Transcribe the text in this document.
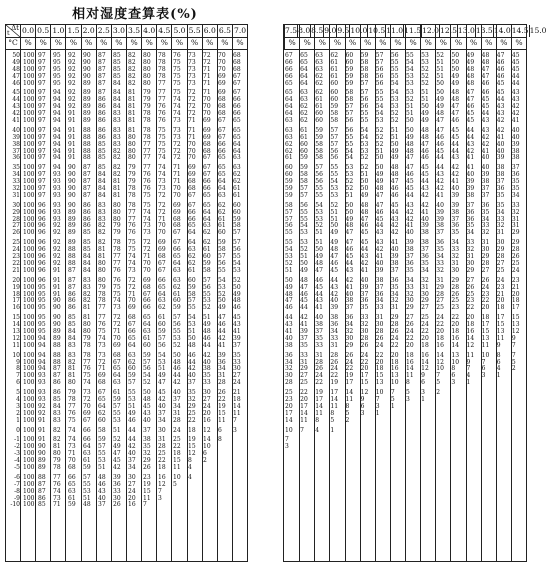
相对湿度查算表(%)
Δt
t 0.0 0.5 1.0 1.5 2.0 2.5 3.0 3.5 4.0 4.5 5.0 5.5 6.0 6.5 7.0
°C %	%	%	%	%	%	%	%	%	%	%	%	%	%	%
50 100 97	95	92	90	87	85	82	80	78	76	73	72	70	68
49 100 97	95	92	90	87	85	82	80	78	75	73	72	70	68
48 100 97	95	92	90	87	85	82	80	78	75	73	71	70	68
47 100 97	95	92	90	87	85	82	80	78	75	73	71	69	67
46 100 97	95	92	89	87	84	82	80	77	75	73	71	69	67
45 100 97	94	92	89	87	84	81	79	77	75	72	71	69	67
44 100 97	94	92	89	86	84	81	79	77	74	72	70	68	66
43 100 97	94	92	89	86	84	81	79	76	74	72	70	68	66
42 100 97	94	91	89	86	83	81	78	76	74	72	70	68	66
41 100 97	94	91	89	86	83	81	78	76	73	71	69	67	65
40 100 97	94	91	88	86	83	81	78	75	73	71	69	67	65
39 100 97	94	91	88	86	83	80	78	75	73	71	69	67	65
38 100 97	94	91	88	85	83	80	77	75	72	70	68	66	64
37 100 97	94	91	88	85	82	80	77	75	72	70	68	66	64
36 100 97	94	91	88	85	82	80	77	74	72	70	67	65	63
35 100 97	94	90	87	85	82	79	77	74	71	69	67	65	63
34 100 97	93	90	87	84	82	79	76	74	71	69	67	65	62
33 100 97	93	90	87	84	81	79	76	73	71	68	66	64	62
32 100 97	93	90	87	84	81	78	76	73	70	68	66	64	61
31 100 97	93	90	87	84	81	78	75	72	70	67	65	63	61
30 100 96	93	90	86	83	80	78	75	72	69	67	65	62	60
29 100 96	93	89	86	83	80	77	74	72	69	66	64	62	60
28 100 96	93	89	86	83	80	77	74	71	68	66	64	61	59
27 100 96	92	89	86	82	79	76	73	70	68	65	63	61	58
26 100 96	92	89	85	82	79	76	73	70	67	64	62	60	57
25 100 96	92	89	85	82	78	75	72	69	67	64	62	59	57
24 100 96	92	88	85	81	78	75	72	69	66	63	61	58	56
23 100 96	92	88	84	81	77	74	71	68	65	62	60	57	55
22 100 96	92	88	84	80	77	74	70	67	64	62	59	56	54
21 100 96	91	87	84	80	76	73	70	67	63	61	58	55	53
20 100 96	91	87	83	80	76	72	69	66	63	60	57	54	52
19 100 95	91	87	83	79	75	72	68	65	62	59	56	53	50
18 100 95	91	86	82	78	75	71	67	64	61	58	55	52	49
17 100 95	90	86	82	78	74	70	66	63	60	57	53	50	48
16 100 95	90	86	81	77	73	69	66	62	59	55	52	49	46
15 100 95	90	85	81	77	72	68	65	61	57	54	51	47	45
14 100 95	90	85	80	76	72	67	64	60	56	53	49	46	43
13 100 95	89	84	80	75	71	66	63	59	55	51	48	44	41
12 100 94	89	84	79	74	70	65	61	57	53	50	46	42	39
11 100 94	88	83	78	73	69	64	60	56	52	48	44	41	37
10 100 94	88	83	78	73	68	63	59	54	50	46	42	39	35
9 100 94	88	82	77	72	67	62	57	53	48	44	40	36	33
8 100 94	87	81	76	71	65	60	56	51	46	42	38	34	30
7 100 93	87	81	75	69	64	59	54	49	44	40	35	31	27
6 100 93	86	80	74	68	63	57	52	47	42	37	33	28	24
5 100 93	86	79	73	67	61	55	50	45	40	35	30	26	21
4 100 93	85	78	72	65	59	53	48	42	37	32	27	22	18
3 100 92	84	77	70	64	57	51	45	40	34	29	24	19	14
2 100 92	83	76	69	62	55	49	43	37	31	25	20	15	11
1 100 91	83	75	67	60	53	46	40	34	28	22	16	11	7
0 100 91	82	74	66	58	51	44	37	30	24	18	12	6	3
-1 100 91	82	74	66	59	52	44	38	31	25	19	14	8
-2 100 90	81	73	64	57	49	42	35	28	22	15	10
-3 100 90	80	71	63	55	47	40	32	25	18	12	6
-4 100 89	79	70	61	53	45	37	29	22	15	8	2
-5 100 89	78	68	59	51	42	34	26	18	11	4
-6 100 88	77	66	57	48	39	30	23	16	10	4
-7 100 87	76	65	55	46	36	27	19	12	5
-8 100 87	74	63	53	43	33	24	15	7
-9 100 86	73	61	51	40	30	20	11	3
-10 100 85	71	59	48	37	26	16	7
7.5 8.0 8.5 9.0 9.5 10.0 10.5 11.0 11.5 12.0 12.5 13.0 13.5 14.0 14.5 15.0
%	%	%	%	%	%	%	%	%	%	%	%	%	%	%	%
67	65	63	62	60	59	57	56	55	53	52	50	49	48	47	45
66	65	63	61	60	58	57	55	54	53	51	50	49	48	46	45
66	64	63	61	59	58	56	55	54	52	51	50	48	47	46	45
66	64	62	61	59	58	56	55	53	52	51	49	48	47	46	44
65	64	62	60	59	57	56	54	53	52	50	49	48	46	45	44
65	63	62	60	58	57	55	54	53	51	50	48	47	46	45	43
64	63	61	60	58	56	55	53	52	51	49	48	47	45	44	43
64	62	61	59	57	56	54	53	51	50	49	47	46	45	43	42
64	62	60	58	57	55	54	52	51	49	48	47	45	44	43	42
63	62	60	58	56	55	53	52	50	49	47	46	45	43	42	41
63	61	59	57	56	54	52	51	50	48	47	45	44	43	42	40
63	61	59	57	55	54	52	51	49	48	46	45	44	42	41	40
62	60	58	57	55	53	52	50	48	47	46	44	43	42	40	39
62	60	58	56	54	53	51	49	48	46	45	44	42	41	40	38
61	59	58	56	54	52	50	49	47	46	44	43	41	40	39	38
60	59	57	55	53	52	50	48	47	45	44	42	41	40	38	37
60	58	56	55	53	51	49	48	46	45	43	42	40	39	38	36
59	58	56	54	52	50	49	47	45	44	42	41	39	38	37	35
59	57	55	53	52	50	48	46	45	43	42	40	39	37	36	35
59	57	55	53	51	49	47	46	44	42	41	39	38	37	35	34
58	56	54	52	50	48	47	45	43	42	40	39	37	36	35	33
57	55	53	51	50	48	46	44	42	41	39	38	36	35	34	32
57	55	53	51	49	47	45	43	42	40	39	37	36	34	33	31
56	54	52	50	48	46	44	42	41	39	38	36	35	33	32	31
55	53	51	49	47	45	43	42	40	38	37	35	34	32	31	29
55	53	51	49	47	45	43	41	39	38	36	34	33	31	30	29
54	52	50	48	46	44	42	40	38	37	35	33	32	30	29	28
53	51	49	47	45	43	41	39	37	36	34	32	31	29	28	26
52	50	48	46	44	42	40	38	36	35	33	31	30	28	27	25
51	49	47	45	43	41	39	37	35	34	32	30	29	27	25	24
50	48	46	44	42	40	38	36	34	32	31	29	27	26	24	23
49	47	45	43	41	39	37	35	33	31	29	28	26	24	23	21
48	46	44	42	40	37	36	34	32	30	28	26	25	23	21	20
47	45	43	40	38	36	34	32	30	29	27	25	23	22	20	18
46	44	41	39	37	35	33	31	29	27	25	23	22	20	18	17
44	42	40	38	36	33	31	29	27	25	24	22	20	18	17	15
43	41	38	36	34	32	30	28	26	24	22	20	18	17	15	13
41	39	37	34	32	30	28	26	24	22	20	18	16	15	13	12
40	37	35	33	30	28	26	24	22	20	18	16	14	13	11	9
38	35	33	31	29	26	24	22	20	18	16	14	12	11	9	7
36	33	31	28	26	24	22	20	18	16	14	13	11	10	8	7
34	31	28	26	24	22	20	18	16	14	12	10	9	7	6	5
32	29	26	24	22	20	18	16	14	12	10	8	7	6	4	2
30	27	24	22	19	17	15	13	11	9	7	6	4	3	1
28	25	22	19	17	15	13	10	8	6	5	3	1
25	22	19	17	14	12	10	7	5	3	2
23	20	17	14	11	9	7	5	3	1
20	17	14	11	8	6	3	1
17	14	11	8	5	3	1
14	11	8	5	2
10	7	4	1
7
3
